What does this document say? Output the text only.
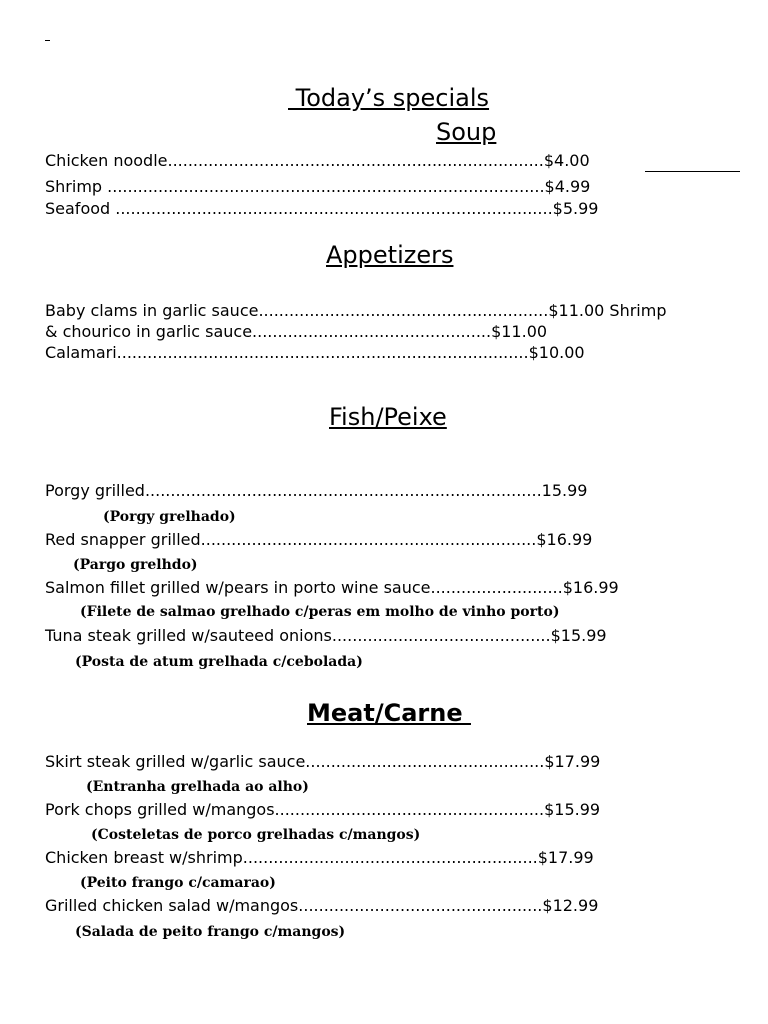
Today’s specials
Soup
Chicken noodle..........................................................................$4.00
Shrimp ......................................................................................$4.99
Seafood ......................................................................................$5.99
Appetizers
Baby clams in garlic sauce.........................................................$11.00 Shrimp
& chourico in garlic sauce...............................................$11.00
Calamari.................................................................................$10.00
Fish/Peixe
Porgy grilled..............................................................................15.99
(Porgy grelhado)
Red snapper grilled..................................................................$16.99
(Pargo grelhdo)
Salmon fillet grilled w/pears in porto wine sauce..........................$16.99
(Filete de salmao grelhado c/peras em molho de vinho porto)
Tuna steak grilled w/sauteed onions...........................................$15.99
(Posta de atum grelhada c/cebolada)
Meat/Carne
Skirt steak grilled w/garlic sauce...............................................$17.99
(Entranha grelhada ao alho)
Pork chops grilled w/mangos.....................................................$15.99
(Costeletas de porco grelhadas c/mangos)
Chicken breast w/shrimp..........................................................$17.99
(Peito frango c/camarao)
Grilled chicken salad w/mangos................................................$12.99
(Salada de peito frango c/mangos)
